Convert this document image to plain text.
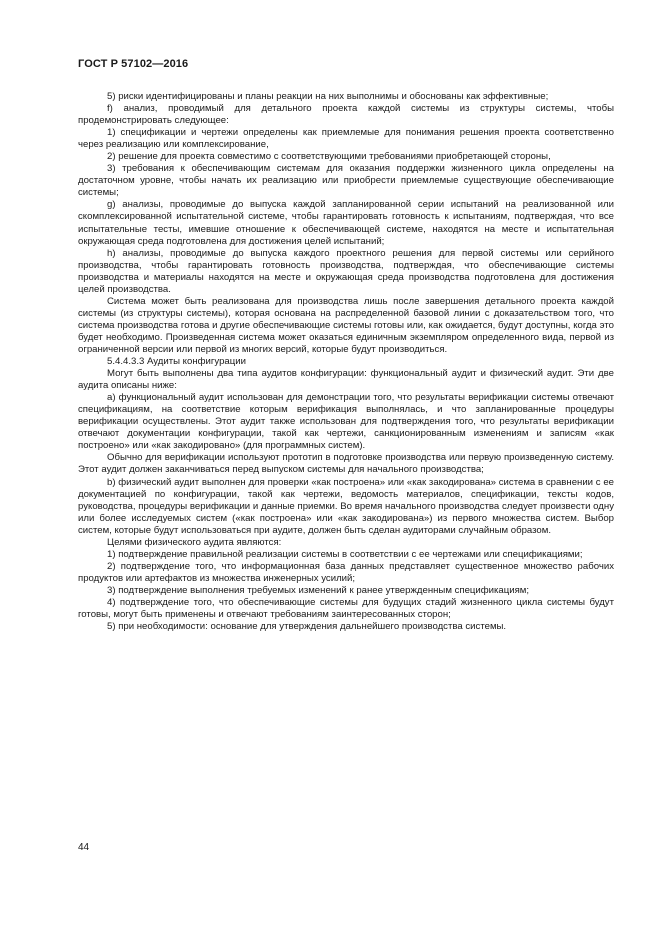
ГОСТ Р 57102—2016

5) риски идентифицированы и планы реакции на них выполнимы и обоснованы как эффективные;

f) анализ, проводимый для детального проекта каждой системы из структуры системы, чтобы продемонстрировать следующее:

1) спецификации и чертежи определены как приемлемые для понимания решения проекта соответственно через реализацию или комплексирование,

2) решение для проекта совместимо с соответствующими требованиями приобретающей стороны,

3) требования к обеспечивающим системам для оказания поддержки жизненного цикла определены на достаточном уровне, чтобы начать их реализацию или приобрести приемлемые существующие обеспечивающие системы;

g) анализы, проводимые до выпуска каждой запланированной серии испытаний на реализованной или скомплексированной испытательной системе, чтобы гарантировать готовность к испытаниям, подтверждая, что все испытательные тесты, имевшие отношение к обеспечивающей системе, находятся на месте и испытательная окружающая среда подготовлена для достижения целей испытаний;

h) анализы, проводимые до выпуска каждого проектного решения для первой системы или серийного производства, чтобы гарантировать готовность производства, подтверждая, что обеспечивающие системы производства и материалы находятся на месте и окружающая среда производства подготовлена для достижения целей производства.

Система может быть реализована для производства лишь после завершения детального проекта каждой системы (из структуры системы), которая основана на распределенной базовой линии с доказательством того, что система производства готова и другие обеспечивающие системы готовы или, как ожидается, будут доступны, когда это будет необходимо. Произведенная система может оказаться единичным экземпляром определенного вида, первой из ограниченной версии или первой из многих версий, которые будут производиться.

5.4.4.3.3 Аудиты конфигурации

Могут быть выполнены два типа аудитов конфигурации: функциональный аудит и физический аудит. Эти две аудита описаны ниже:

a) функциональный аудит использован для демонстрации того, что результаты верификации системы отвечают спецификациям, на соответствие которым верификация выполнялась, и что запланированные процедуры верификации осуществлены. Этот аудит также использован для подтверждения того, что результаты верификации отвечают документации конфигурации, такой как чертежи, санкционированным изменениям и записям «как построено» или «как закодировано» (для программных систем).

Обычно для верификации используют прототип в подготовке производства или первую произведенную систему. Этот аудит должен заканчиваться перед выпуском системы для начального производства;

b) физический аудит выполнен для проверки «как построена» или «как закодирована» система в сравнении с ее документацией по конфигурации, такой как чертежи, ведомость материалов, спецификации, тексты кодов, руководства, процедуры верификации и данные приемки. Во время начального производства следует произвести одну или более исследуемых систем («как построена» или «как закодирована») из первого множества систем. Выбор систем, которые будут использоваться при аудите, должен быть сделан аудиторами случайным образом.

Целями физического аудита являются:

1) подтверждение правильной реализации системы в соответствии с ее чертежами или спецификациями;

2) подтверждение того, что информационная база данных представляет существенное множество рабочих продуктов или артефактов из множества инженерных усилий;

3) подтверждение выполнения требуемых изменений к ранее утвержденным спецификациям;

4) подтверждение того, что обеспечивающие системы для будущих стадий жизненного цикла системы будут готовы, могут быть применены и отвечают требованиям заинтересованных сторон;

5) при необходимости: основание для утверждения дальнейшего производства системы.

44
